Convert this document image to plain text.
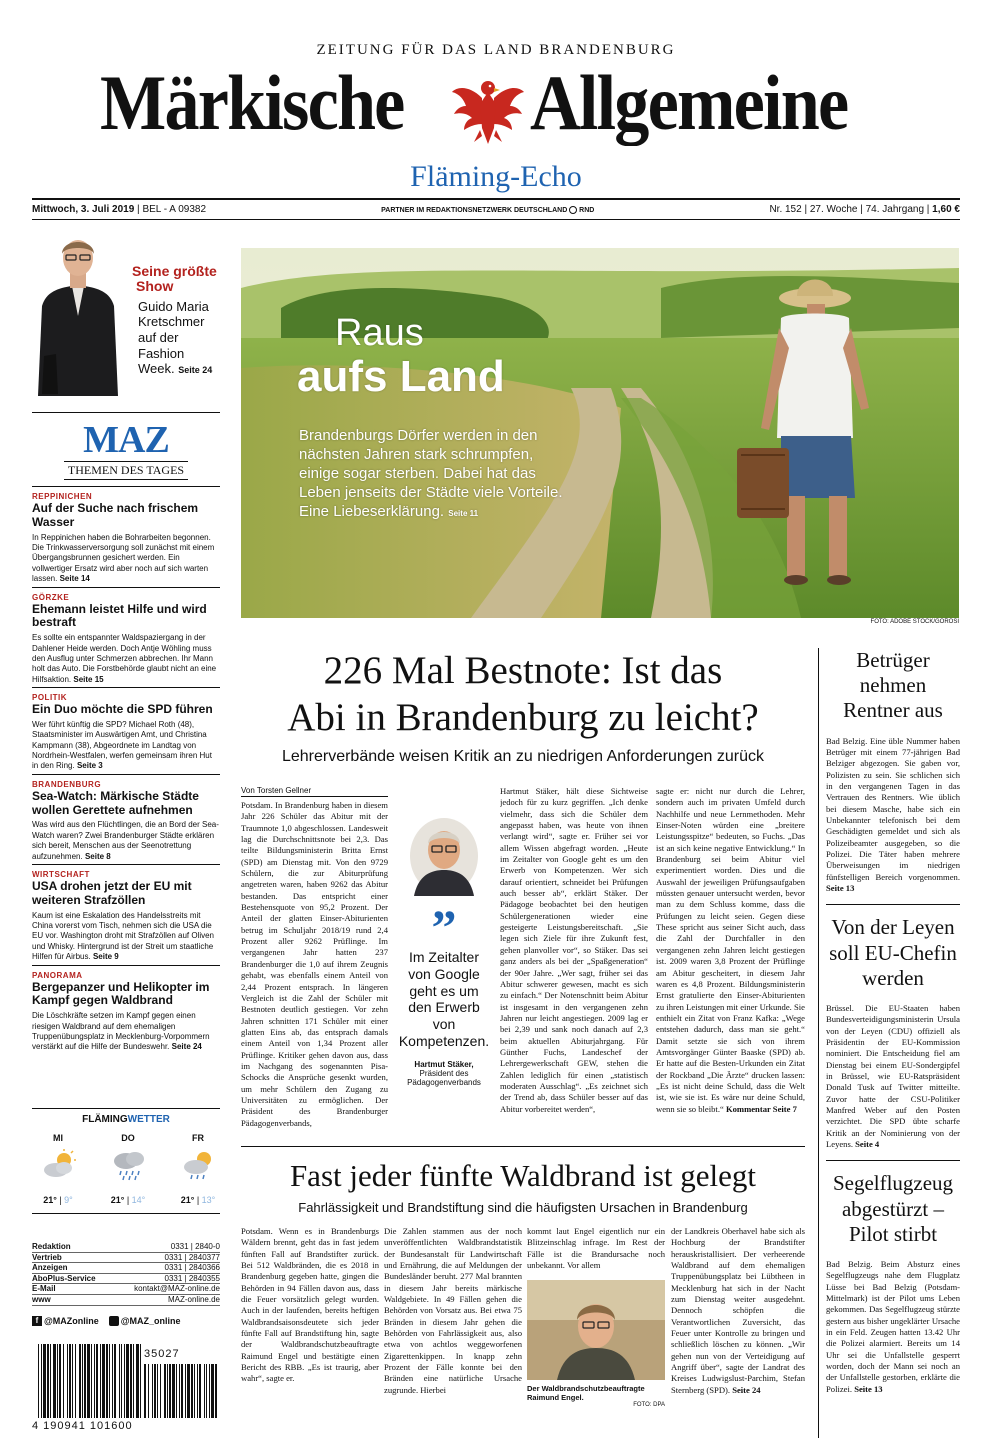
ZEITUNG FÜR DAS LAND BRANDENBURG
Märkische Allgemeine
Fläming-Echo
Mittwoch, 3. Juli 2019 | BEL - A 09382	PARTNER IM REDAKTIONSNETZWERK DEUTSCHLAND RND	Nr. 152 | 27. Woche | 74. Jahrgang | 1,60 €
Seine größte
Show
Guido Maria Kretschmer auf der Fashion Week. Seite 24
MAZ
THEMEN DES TAGES
REPPINICHEN
Auf der Suche nach frischem Wasser
In Reppinichen haben die Bohrarbeiten begonnen. Die Trinkwasserversorgung soll zunächst mit einem Übergangsbrunnen gesichert werden. Ein vollwertiger Ersatz wird aber noch auf sich warten lassen. Seite 14
GÖRZKE
Ehemann leistet Hilfe und wird bestraft
Es sollte ein entspannter Waldspaziergang in der Dahlener Heide werden. Doch Antje Wöhling muss den Ausflug unter Schmerzen abbrechen. Ihr Mann holt das Auto. Die Forstbehörde glaubt nicht an eine Hilfsaktion. Seite 15
POLITIK
Ein Duo möchte die SPD führen
Wer führt künftig die SPD? Michael Roth (48), Staatsminister im Auswärtigen Amt, und Christina Kampmann (38), Abgeordnete im Landtag von Nordrhein-Westfalen, werfen gemeinsam ihren Hut in den Ring. Seite 3
BRANDENBURG
Sea-Watch: Märkische Städte wollen Gerettete aufnehmen
Was wird aus den Flüchtlingen, die an Bord der Sea-Watch waren? Zwei Brandenburger Städte erklären sich bereit, Menschen aus der Seenotrettung aufzunehmen. Seite 8
WIRTSCHAFT
USA drohen jetzt der EU mit weiteren Strafzöllen
Kaum ist eine Eskalation des Handelsstreits mit China vorerst vom Tisch, nehmen sich die USA die EU vor. Washington droht mit Strafzöllen auf Oliven und Whisky. Hintergrund ist der Streit um staatliche Hilfen für Airbus. Seite 9
PANORAMA
Bergepanzer und Helikopter im Kampf gegen Waldbrand
Die Löschkräfte setzen im Kampf gegen einen riesigen Waldbrand auf dem ehemaligen Truppenübungsplatz in Mecklenburg-Vorpommern verstärkt auf die Hilfe der Bundeswehr. Seite 24
FLÄMINGWETTER
MI	DO	FR
21° | 9°	21° | 14°	21° | 13°
Redaktion	0331 | 2840-0
Vertrieb	0331 | 2840377
Anzeigen	0331 | 2840366
AboPlus-Service	0331 | 2840355
E-Mail	kontakt@MAZ-online.de
www	MAZ-online.de
f @MAZonline @MAZ_online
35027
4 190941 101600
Raus
aufs Land
Brandenburgs Dörfer werden in den nächsten Jahren stark schrumpfen, einige sogar sterben. Dabei hat das Leben jenseits der Städte viele Vorteile. Eine Liebeserklärung. Seite 11
FOTO: ADOBE STOCK/GOROSI
226 Mal Bestnote: Ist das
Abi in Brandenburg zu leicht?
Lehrerverbände weisen Kritik an zu niedrigen Anforderungen zurück
Von Torsten Gellner
Potsdam. In Brandenburg haben in diesem Jahr 226 Schüler das Abitur mit der Traumnote 1,0 abgeschlossen. Landesweit lag die Durchschnittsnote bei 2,3. Das teilte Bildungsministerin Britta Ernst (SPD) am Dienstag mit. Von den 9729 Schülern, die zur Abiturprüfung angetreten waren, haben 9262 das Abitur bestanden. Das entspricht einer Bestehensquote von 95,2 Prozent. Der Anteil der glatten Einser-Abiturienten betrug im Schuljahr 2018/19 rund 2,4 Prozent aller 9262 Prüflinge. Im vergangenen Jahr hatten 237 Brandenburger die 1,0 auf ihrem Zeugnis gehabt, was ebenfalls einem Anteil von 2,44 Prozent entsprach. In längeren Vergleich ist die Zahl der Schüler mit Bestnoten deutlich gestiegen. Vor zehn Jahren schnitten 171 Schüler mit einer glatten Eins ab, das entsprach damals einem Anteil von 1,34 Prozent aller Prüflinge. Kritiker gehen davon aus, dass im Nachgang des sogenannten Pisa-Schocks die Ansprüche gesenkt wurden, um mehr Schülern den Zugang zu Universitäten zu ermöglichen. Der Präsident des Brandenburger Pädagogenverbands,
”
Im Zeitalter von Google geht es um den Erwerb von Kompetenzen.
Hartmut Stäker,
Präsident des Pädagogenverbands
Hartmut Stäker, hält diese Sichtweise jedoch für zu kurz gegriffen. „Ich denke vielmehr, dass sich die Schüler dem angepasst haben, was heute von ihnen verlangt wird“, sagte er. Früher sei vor allem Wissen abgefragt worden. „Heute im Zeitalter von Google geht es um den Erwerb von Kompetenzen. Wer sich darauf orientiert, schneidet bei Prüfungen auch besser ab“, erklärt Stäker. Der Pädagoge beobachtet bei den heutigen Schülergenerationen wieder eine gesteigerte Leistungsbereitschaft. „Sie legen sich Ziele für ihre Zukunft fest, gehen planvoller vor“, so Stäker. Das sei ganz anders als bei der „Spaßgeneration“ der 90er Jahre. „Wer sagt, früher sei das Abitur schwerer gewesen, macht es sich zu einfach.“ Der Notenschnitt beim Abitur ist insgesamt in den vergangenen zehn Jahren nur leicht angestiegen. 2009 lag er bei 2,39 und sank noch danach auf 2,3 beim aktuellen Abiturjahrgang. Für Günther Fuchs, Landeschef der Lehrergewerkschaft GEW, stehen die Zahlen lediglich für einen „statistisch moderaten Ausschlag“. „Es zeichnet sich der Trend ab, dass Schüler besser auf das Abitur vorbereitet werden“,
sagte er: nicht nur durch die Lehrer, sondern auch im privaten Umfeld durch Nachhilfe und neue Lernmethoden. Mehr Einser-Noten würden eine „breitere Leistungsspitze“ bedeuten, so Fuchs. „Das ist an sich keine negative Entwicklung.“ In Brandenburg sei beim Abitur viel experimentiert worden. Dies und die Auswahl der jeweiligen Prüfungsaufgaben müssten genauer untersucht werden, bevor man zu dem Schluss komme, dass die Prüfungen zu leicht seien. Gegen diese These spricht aus seiner Sicht auch, dass die Zahl der Durchfaller in den vergangenen zehn Jahren leicht gestiegen ist. 2009 waren 3,8 Prozent der Prüflinge am Abitur gescheitert, in diesem Jahr waren es 4,8 Prozent. Bildungsministerin Ernst gratulierte den Einser-Abiturienten zu ihren Leistungen mit einer Urkunde. Sie enthielt ein Zitat von Franz Kafka: „Wege entstehen dadurch, dass man sie geht.“ Damit setzte sie sich von ihrem Amtsvorgänger Günter Baaske (SPD) ab. Er hatte auf die Besten-Urkunden ein Zitat der Rockband „Die Ärzte“ drucken lassen: „Es ist nicht deine Schuld, dass die Welt ist, wie sie ist. Es wäre nur deine Schuld, wenn sie so bleibt.“ Kommentar Seite 7
Fast jeder fünfte Waldbrand ist gelegt
Fahrlässigkeit und Brandstiftung sind die häufigsten Ursachen in Brandenburg
Potsdam. Wenn es in Brandenburgs Wäldern brennt, geht das in fast jedem fünften Fall auf Brandstifter zurück. Bei 512 Waldbränden, die es 2018 in Brandenburg gegeben hatte, gingen die Behörden in 94 Fällen davon aus, dass die Feuer vorsätzlich gelegt wurden. Auch in der laufenden, bereits heftigen Waldbrandsaisonsdeutete sich jeder fünfte Fall auf Brandstiftung hin, sagte der Waldbrandschutzbeauftragte Raimund Engel und bestätigte einen Bericht des RBB. „Es ist traurig, aber wahr“, sagte er.
Die Zahlen stammen aus der noch unveröffentlichten Waldbrandstatistik der Bundesanstalt für Landwirtschaft und Ernährung, die auf Meldungen der Bundesländer beruht. 277 Mal brannten in diesem Jahr bereits märkische Waldgebiete. In 49 Fällen gehen die Behörden von Vorsatz aus. Bei etwa 75 Bränden in diesem Jahr gehen die Behörden von Fahrlässigkeit aus, also etwa von achtlos weggeworfenen Zigarettenkippen. In knapp zehn Prozent der Fälle konnte bei den Bränden eine natürliche Ursache zugrunde. Hierbei
kommt laut Engel eigentlich nur ein Blitzeinschlag infrage. Im Rest der Fälle ist die Brandursache noch unbekannt. Vor allem
Der Waldbrandschutzbeauftragte Raimund Engel.
FOTO: DPA
der Landkreis Oberhavel habe sich als Hochburg der Brandstifter herauskristallisiert. Der verheerende Waldbrand auf dem ehemaligen Truppenübungsplatz bei Lübtheen in Mecklenburg hat sich in der Nacht zum Dienstag weiter ausgedehnt. Dennoch schöpfen die Verantwortlichen Zuversicht, das Feuer unter Kontrolle zu bringen und schließlich löschen zu können. „Wir gehen nun von der Verteidigung auf Angriff über“, sagte der Landrat des Kreises Ludwigslust-Parchim, Stefan Sternberg (SPD). Seite 24
Betrüger nehmen Rentner aus
Bad Belzig. Eine üble Nummer haben Betrüger mit einem 77-jährigen Bad Belziger abgezogen. Sie gaben vor, Polizisten zu sein. Sie schlichen sich in den vergangenen Tagen in das Vertrauen des Rentners. Wie üblich bei diesem Masche, habe sich ein Unbekannter telefonisch bei dem Geschädigten gemeldet und sich als Polizeibeamter ausgegeben, so die Polizei. Die Täter haben mehrere Überweisungen im niedrigen fünfstelligen Bereich vorgenommen. Seite 13
Von der Leyen soll EU-Chefin werden
Brüssel. Die EU-Staaten haben Bundesverteidigungsministerin Ursula von der Leyen (CDU) offiziell als Präsidentin der EU-Kommission nominiert. Die Entscheidung fiel am Dienstag bei einem EU-Sondergipfel in Brüssel, wie EU-Ratspräsident Donald Tusk auf Twitter mitteilte. Zuvor hatte der CSU-Politiker Manfred Weber auf den Posten verzichtet. Die SPD übte scharfe Kritik an der Nominierung von der Leyens. Seite 4
Segelflugzeug abgestürzt – Pilot stirbt
Bad Belzig. Beim Absturz eines Segelflugzeugs nahe dem Flugplatz Lüsse bei Bad Belzig (Potsdam-Mittelmark) ist der Pilot ums Leben gekommen. Das Segelflugzeug stürzte gestern aus bisher ungeklärter Ursache in ein Feld. Zeugen hatten 13.42 Uhr die Polizei alarmiert. Bereits um 14 Uhr sei die Unfallstelle gesperrt worden, doch der Mann sei noch an der Unfallstelle gestorben, erklärte die Polizei. Seite 13
